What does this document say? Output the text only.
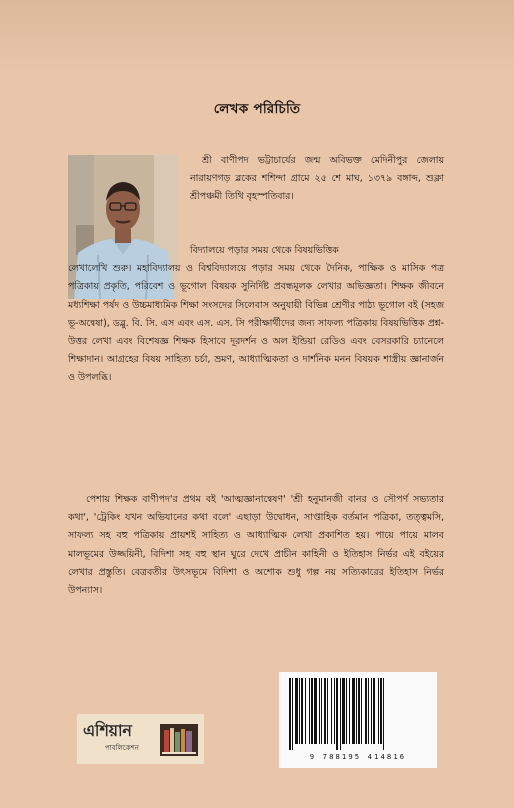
লেখক পরিচিতি

শ্রী বাণীপদ ভট্টাচার্যের জন্ম অবিভক্ত মেদিনীপুর জেলায় নারায়ণগড় ব্লকের শশিন্দা গ্রামে ২৫ শে মাঘ, ১৩৭৯ বঙ্গাব্দ, শুক্লা শ্রীপঞ্চমী তিথি বৃহস্পতিবার।

বিদ্যালয়ে পড়ার সময় থেকে বিষয়ভিত্তিক
লেখালেখি শুরু। মহাবিদ্যালয় ও বিশ্ববিদ্যালয়ে পড়ার সময় থেকে দৈনিক, পাক্ষিক ও মাসিক পত্র পত্রিকায় প্রকৃতি, পরিবেশ ও ভূগোল বিষয়ক সুনির্দিষ্ট প্রবন্ধমূলক লেখার অভিজ্ঞতা। শিক্ষক জীবনে মধ্যশিক্ষা পর্ষদ ও উচ্চমাধ্যমিক শিক্ষা সংসদের সিলেবাস অনুযায়ী বিভিন্ন শ্রেণীর পাঠ্য ভূগোল বই (সহজ ভূ-অন্বেষা), ডব্লু. বি. সি. এস এবং এস. এস. সি পরীক্ষার্থীদের জন্য সাফল্য পত্রিকায় বিষয়ভিত্তিক প্রশ্ন-উত্তর লেখা এবং বিশেষজ্ঞ শিক্ষক হিসাবে দূরদর্শন ও অল ইন্ডিয়া রেডিও এবং বেসরকারি চ্যানেলে শিক্ষাদান। আগ্রহের বিষয় সাহিত্য চর্চা, ভ্রমণ, আধ্যাত্মিকতা ও দার্শনিক মনন বিষয়ক শাস্ত্রীয় জ্ঞানার্জন ও উপলব্ধি।

পেশায় শিক্ষক বাণীপদ'র প্রথম বই 'আত্মজ্ঞানান্বেষণ' 'শ্রী হনুমানজী বানর ও সৌপর্ণ সভ্যতার কথা', 'ট্রেকিং যখন অভিযানের কথা বলে' এছাড়া উদ্বোধন, সাপ্তাহিক বর্তমান পত্রিকা, তত্ত্বমসি, সাফল্য সহ বহু পত্রিকায় প্রায়শই সাহিত্য ও আধ্যাত্মিক লেখা প্রকাশিত হয়। পায়ে পায়ে মালব মালভূমের উজ্জয়িনী, বিদিশা সহ বহু স্থান ঘুরে দেখে প্রাচীন কাহিনী ও ইতিহাস নির্ভর এই বইয়ের লেখার প্রস্তুতি। বেত্রবতীর উৎসভূমে বিদিশা ও অশোক শুধু গল্প নয় সত্যিকারের ইতিহাস নির্ভর উপন্যাস।

এশিয়ান
পাবলিকেশন
9 788195 414816
